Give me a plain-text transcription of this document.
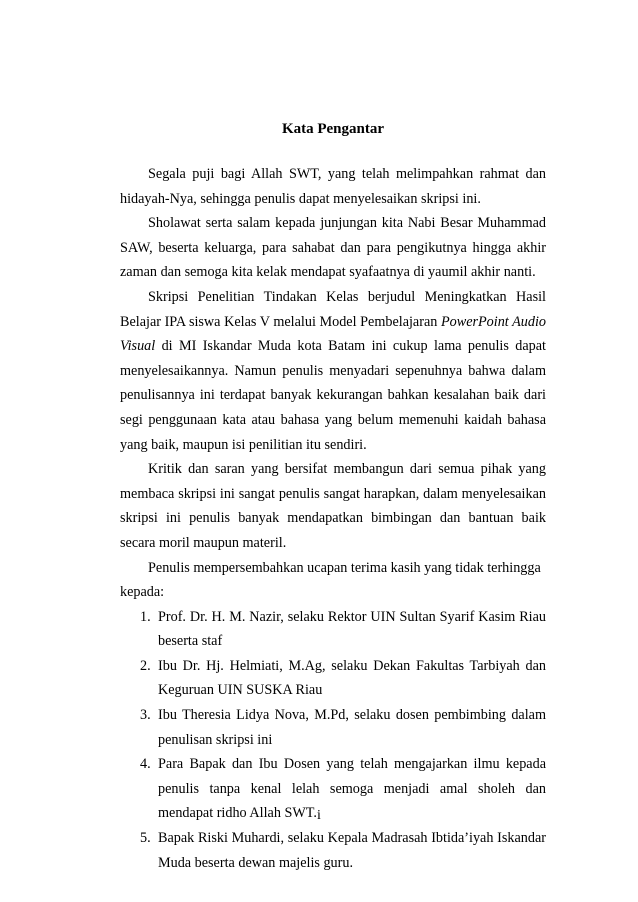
Kata Pengantar

Segala puji bagi Allah SWT, yang telah melimpahkan rahmat dan hidayah-Nya, sehingga penulis dapat menyelesaikan skripsi ini.

Sholawat serta salam kepada junjungan kita Nabi Besar Muhammad SAW, beserta keluarga, para sahabat dan para pengikutnya hingga akhir zaman dan semoga kita kelak mendapat syafaatnya di yaumil akhir nanti.

Skripsi Penelitian Tindakan Kelas berjudul Meningkatkan Hasil Belajar IPA siswa Kelas V melalui Model Pembelajaran PowerPoint Audio Visual di MI Iskandar Muda kota Batam ini cukup lama penulis dapat menyelesaikannya. Namun penulis menyadari sepenuhnya bahwa dalam penulisannya ini terdapat banyak kekurangan bahkan kesalahan baik dari segi penggunaan kata atau bahasa yang belum memenuhi kaidah bahasa yang baik, maupun isi penilitian itu sendiri.

Kritik dan saran yang bersifat membangun dari semua pihak yang membaca skripsi ini sangat penulis sangat harapkan, dalam menyelesaikan skripsi ini penulis banyak mendapatkan bimbingan dan bantuan baik secara moril maupun materil.

Penulis mempersembahkan ucapan terima kasih yang tidak terhingga

kepada:

1. Prof. Dr. H. M. Nazir, selaku Rektor UIN Sultan Syarif Kasim Riau beserta staf
2. Ibu Dr. Hj. Helmiati, M.Ag, selaku Dekan Fakultas Tarbiyah dan Keguruan UIN SUSKA Riau
3. Ibu Theresia Lidya Nova, M.Pd, selaku dosen pembimbing dalam penulisan skripsi ini
4. Para Bapak dan Ibu Dosen yang telah mengajarkan ilmu kepada penulis tanpa kenal lelah semoga menjadi amal sholeh dan mendapat ridho Allah SWT.
5. Bapak Riski Muhardi, selaku Kepala Madrasah Ibtida’iyah Iskandar Muda beserta dewan majelis guru.
i
